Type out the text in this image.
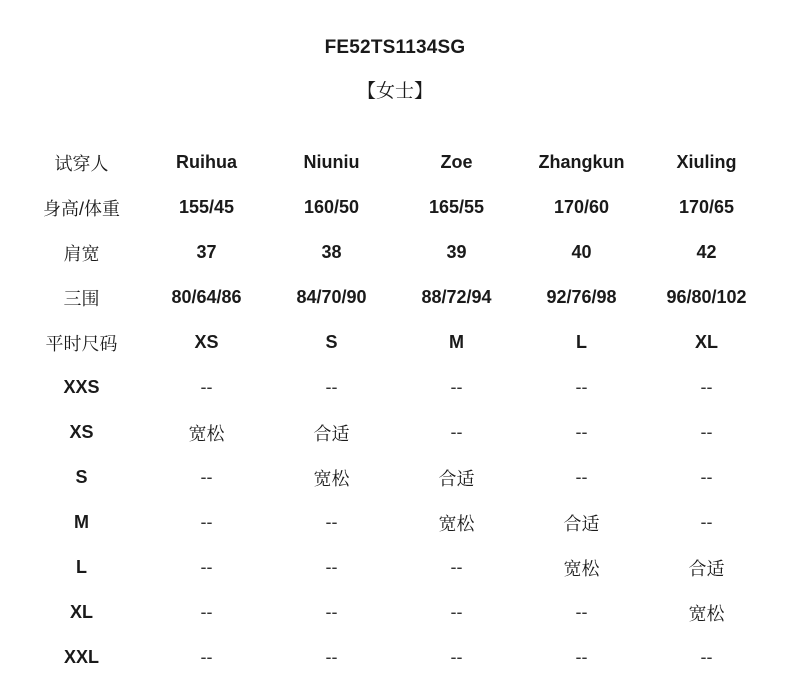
FE52TS1134SG
【女士】
试穿人	Ruihua	Niuniu	Zoe	Zhangkun	Xiuling
身高/体重	155/45	160/50	165/55	170/60	170/65
肩宽	37	38	39	40	42
三围	80/64/86	84/70/90	88/72/94	92/76/98	96/80/102
平时尺码	XS	S	M	L	XL
XXS	--	--	--	--	--
XS	宽松	合适	--	--	--
S	--	宽松	合适	--	--
M	--	--	宽松	合适	--
L	--	--	--	宽松	合适
XL	--	--	--	--	宽松
XXL	--	--	--	--	--
